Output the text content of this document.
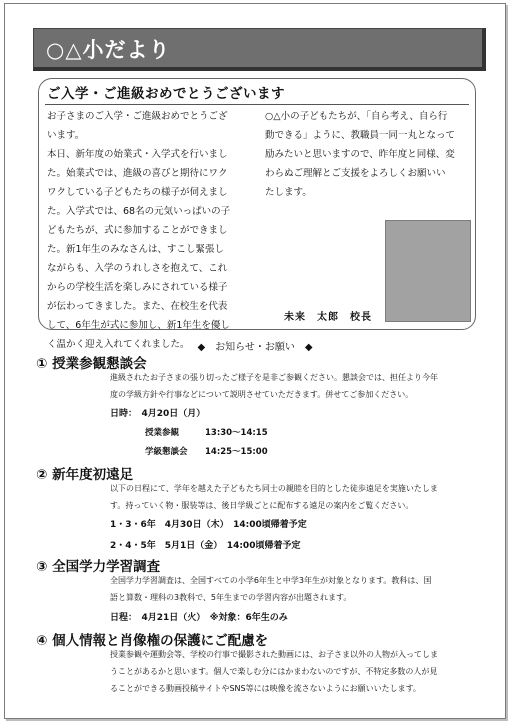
○△小だより
ご入学・ご進級おめでとうございます
お子さまのご入学・ご進級おめでとうござ
います。
本日、新年度の始業式・入学式を行いまし
た。始業式では、進級の喜びと期待にワク
ワクしている子どもたちの様子が伺えまし
た。入学式では、68名の元気いっぱいの子
どもたちが、式に参加することができまし
た。新1年生のみなさんは、すこし緊張し
ながらも、入学のうれしさを抱えて、これ
からの学校生活を楽しみにされている様子
が伝わってきました。また、在校生を代表
して、6年生が式に参加し、新1年生を優し
く温かく迎え入れてくれました。
○△小の子どもたちが、「自ら考え、自ら行
動できる」ように、教職員一同一丸となって
励みたいと思いますので、昨年度と同様、変
わらぬご理解とご支援をよろしくお願いい
たします。
未来　太郎　校長
◆　お知らせ・お願い　◆
① 授業参観懇談会
進級されたお子さまの張り切ったご様子を是非ご参観ください。懇談会では、担任より今年
度の学級方針や行事などについて説明させていただきます。併せてご参加ください。
日時：　4月20日（月）
授業参観	13:30～14:15
学級懇談会 14:25～15:00
② 新年度初遠足
以下の日程にて、学年を越えた子どもたち同士の親睦を目的とした徒歩遠足を実施いたしま
す。持っていく物・服装等は、後日学級ごとに配布する遠足の案内をご覧ください。
1・3・6年　4月30日（木）　14:00頃帰着予定
2・4・5年　5月1日（金）　14:00頃帰着予定
③ 全国学力学習調査
全国学力学習調査は、全国すべての小学6年生と中学3年生が対象となります。教科は、国
語と算数・理科の3教科で、5年生までの学習内容が出題されます。
日程：　4月21日（火）　※対象：6年生のみ
④ 個人情報と肖像権の保護にご配慮を
授業参観や運動会等、学校の行事で撮影された動画には、お子さま以外の人物が入ってしま
うことがあるかと思います。個人で楽しむ分にはかまわないのですが、不特定多数の人が見
ることができる動画投稿サイトやSNS等には映像を流さないようにお願いいたします。
